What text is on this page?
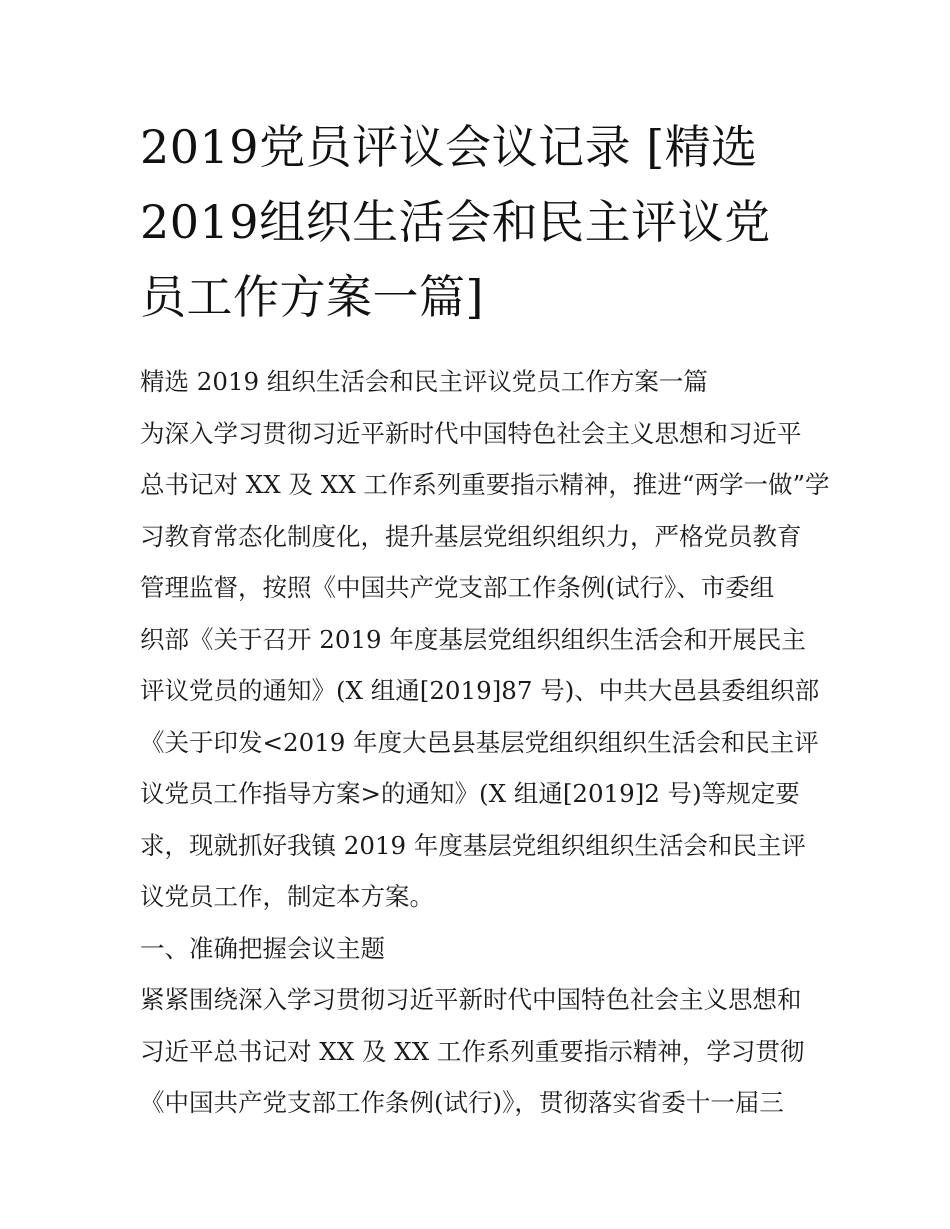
2019党员评议会议记录 [精选
2019组织生活会和民主评议党
员工作方案一篇]
精选 2019 组织生活会和民主评议党员工作方案一篇
为深入学习贯彻习近平新时代中国特色社会主义思想和习近平
总书记对 XX 及 XX 工作系列重要指示精神，推进“两学一做”学
习教育常态化制度化，提升基层党组织组织力，严格党员教育
管理监督，按照《中国共产党支部工作条例(试行》、市委组
织部《关于召开 2019 年度基层党组织组织生活会和开展民主
评议党员的通知》(X 组通[2019]87 号)、中共大邑县委组织部
《关于印发<2019 年度大邑县基层党组织组织生活会和民主评
议党员工作指导方案>的通知》(X 组通[2019]2 号)等规定要
求，现就抓好我镇 2019 年度基层党组织组织生活会和民主评
议党员工作，制定本方案。
一、准确把握会议主题
紧紧围绕深入学习贯彻习近平新时代中国特色社会主义思想和
习近平总书记对 XX 及 XX 工作系列重要指示精神，学习贯彻
《中国共产党支部工作条例(试行)》，贯彻落实省委十一届三
